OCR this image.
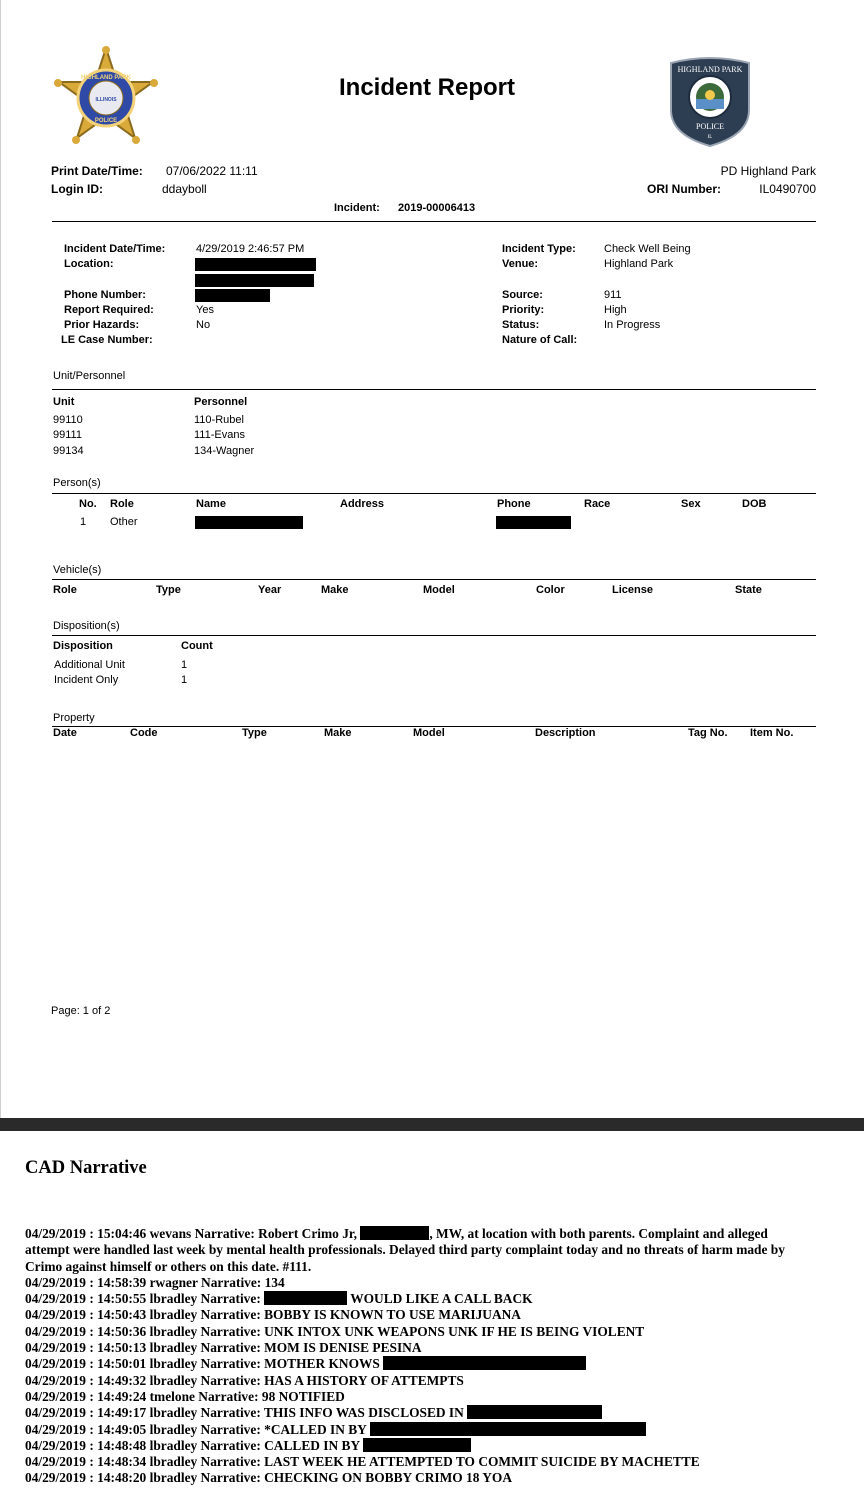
HIGHLAND PARK
ILLINOIS
POLICE
HIGHLAND PARK
POLICE
IL
Incident Report
Print Date/Time: 07/06/2022 11:11
Login ID:	ddayboll
PD Highland Park
ORI Number:	IL0490700
Incident: 2019-00006413
Incident Date/Time:	4/29/2019 2:46:57 PM
Location:
Phone Number:
Report Required:	Yes
Prior Hazards:	No
LE Case Number:
Incident Type:	Check Well Being
Venue:	Highland Park
Source:	911
Priority:	High
Status:	In Progress
Nature of Call:
Unit/Personnel
Unit	Personnel
99110	110-Rubel
99111	111-Evans
99134	134-Wagner
Person(s)
No. Role	Name	Address	Phone	Race	Sex	DOB
1 Other
Vehicle(s)
Role	Type	Year	Make	Model	Color	License	State
Disposition(s)
Disposition	Count
Additional Unit	1
Incident Only	1
Property
Date	Code	Type	Make	Model	Description	Tag No. Item No.
Page: 1 of 2
CAD Narrative
04/29/2019 : 15:04:46 wevans Narrative: Robert Crimo Jr,	, MW, at location with both parents. Complaint and alleged
attempt were handled last week by mental health professionals. Delayed third party complaint today and no threats of harm made by
Crimo against himself or others on this date. #111.
04/29/2019 : 14:58:39 rwagner Narrative: 134
04/29/2019 : 14:50:55 lbradley Narrative:	WOULD LIKE A CALL BACK
04/29/2019 : 14:50:43 lbradley Narrative: BOBBY IS KNOWN TO USE MARIJUANA
04/29/2019 : 14:50:36 lbradley Narrative: UNK INTOX UNK WEAPONS UNK IF HE IS BEING VIOLENT
04/29/2019 : 14:50:13 lbradley Narrative: MOM IS DENISE PESINA
04/29/2019 : 14:50:01 lbradley Narrative: MOTHER KNOWS
04/29/2019 : 14:49:32 lbradley Narrative: HAS A HISTORY OF ATTEMPTS
04/29/2019 : 14:49:24 tmelone Narrative: 98 NOTIFIED
04/29/2019 : 14:49:17 lbradley Narrative: THIS INFO WAS DISCLOSED IN
04/29/2019 : 14:49:05 lbradley Narrative: *CALLED IN BY
04/29/2019 : 14:48:48 lbradley Narrative: CALLED IN BY
04/29/2019 : 14:48:34 lbradley Narrative: LAST WEEK HE ATTEMPTED TO COMMIT SUICIDE BY MACHETTE
04/29/2019 : 14:48:20 lbradley Narrative: CHECKING ON BOBBY CRIMO 18 YOA
